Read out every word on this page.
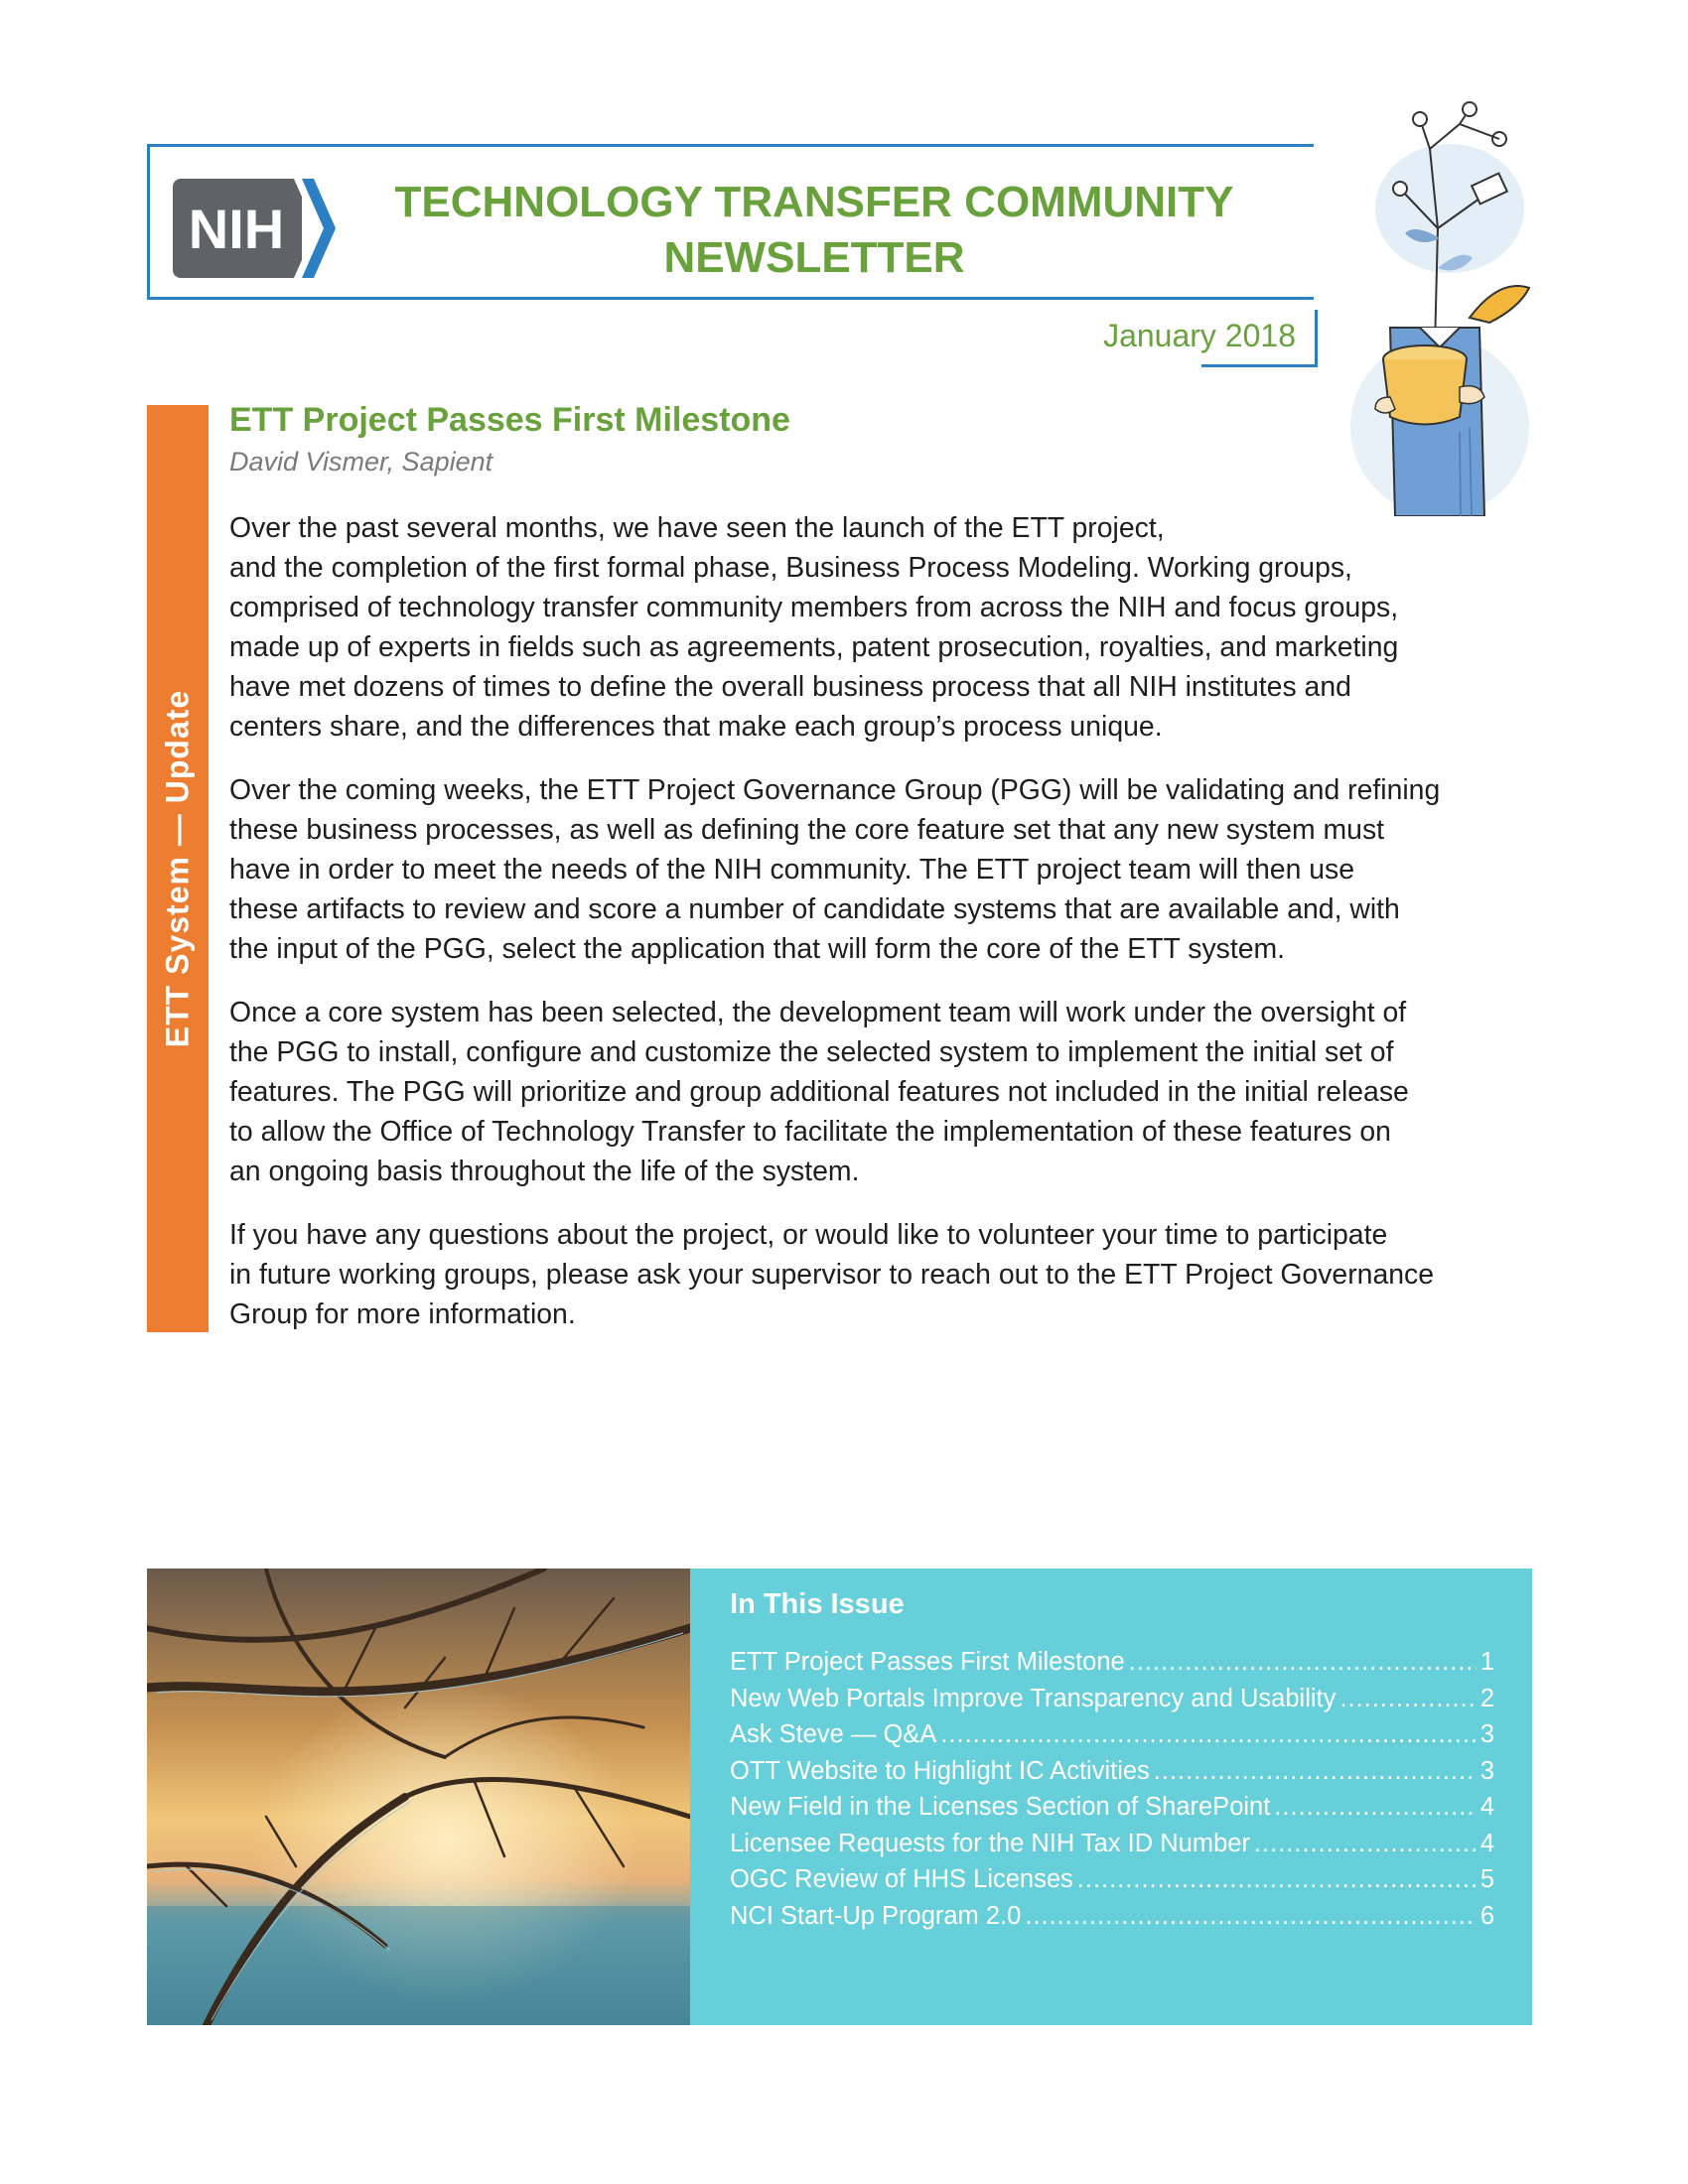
NIH	TECHNOLOGY TRANSFER COMMUNITY
NEWSLETTER
January 2018
ETT System — Update
ETT Project Passes First Milestone
David Vismer, Sapient

Over the past several months, we have seen the launch of the ETT project,
and the completion of the first formal phase, Business Process Modeling. Working groups,
comprised of technology transfer community members from across the NIH and focus groups,
made up of experts in fields such as agreements, patent prosecution, royalties, and marketing
have met dozens of times to define the overall business process that all NIH institutes and
centers share, and the differences that make each group’s process unique.

Over the coming weeks, the ETT Project Governance Group (PGG) will be validating and refining
these business processes, as well as defining the core feature set that any new system must
have in order to meet the needs of the NIH community. The ETT project team will then use
these artifacts to review and score a number of candidate systems that are available and, with
the input of the PGG, select the application that will form the core of the ETT system.

Once a core system has been selected, the development team will work under the oversight of
the PGG to install, configure and customize the selected system to implement the initial set of
features. The PGG will prioritize and group additional features not included in the initial release
to allow the Office of Technology Transfer to facilitate the implementation of these features on
an ongoing basis throughout the life of the system.

If you have any questions about the project, or would like to volunteer your time to participate
in future working groups, please ask your supervisor to reach out to the ETT Project Governance
Group for more information.

In This Issue
ETT Project Passes First Milestone .....	1
New Web Portals Improve Transparency and Usability .....	2
Ask Steve — Q&A .....	3
OTT Website to Highlight IC Activities .....	3
New Field in the Licenses Section of SharePoint .....	4
Licensee Requests for the NIH Tax ID Number .....	4
OGC Review of HHS Licenses .....	5
NCI Start-Up Program 2.0 .....	6
